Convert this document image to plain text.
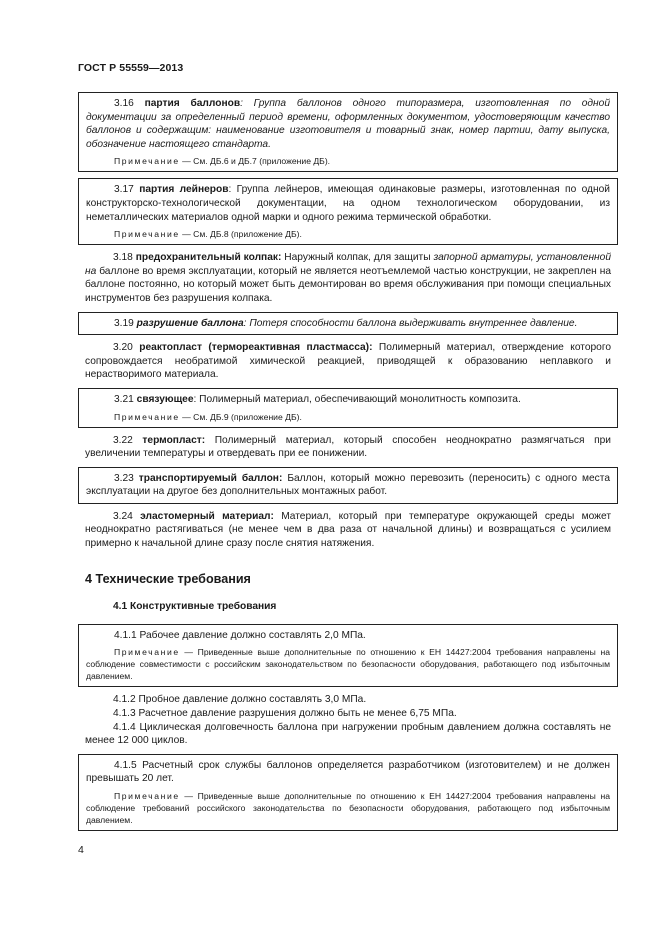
ГОСТ Р 55559—2013

3.16 партия баллонов: Группа баллонов одного типоразмера, изготовленная по одной документации за определенный период времени, оформленных документом, удостоверяющим качество баллонов и содержащим: наименование изготовителя и товарный знак, номер партии, дату выпуска, обозначение настоящего стандарта.

Примечание — См. ДБ.6 и ДБ.7 (приложение ДБ).

3.17 партия лейнеров: Группа лейнеров, имеющая одинаковые размеры, изготовленная по одной конструкторско-технологической документации, на одном технологическом оборудовании, из неметаллических материалов одной марки и одного режима термической обработки.

Примечание — См. ДБ.8 (приложение ДБ).

3.18 предохранительный колпак: Наружный колпак, для защиты запорной арматуры, установленной на баллоне во время эксплуатации, который не является неотъемлемой частью конструкции, не закреплен на баллоне постоянно, но который может быть демонтирован во время обслуживания при помощи специальных инструментов без разрушения колпака.

3.19 разрушение баллона: Потеря способности баллона выдерживать внутреннее давление.

3.20 реактопласт (термореактивная пластмасса): Полимерный материал, отверждение которого сопровождается необратимой химической реакцией, приводящей к образованию неплавкого и нерастворимого материала.

3.21 связующее: Полимерный материал, обеспечивающий монолитность композита.

Примечание — См. ДБ.9 (приложение ДБ).

3.22 термопласт: Полимерный материал, который способен неоднократно размягчаться при увеличении температуры и отвердевать при ее понижении.

3.23 транспортируемый баллон: Баллон, который можно перевозить (переносить) с одного места эксплуатации на другое без дополнительных монтажных работ.

3.24 эластомерный материал: Материал, который при температуре окружающей среды может неоднократно растягиваться (не менее чем в два раза от начальной длины) и возвращаться с усилием примерно к начальной длине сразу после снятия натяжения.

4 Технические требования
4.1 Конструктивные требования

4.1.1 Рабочее давление должно составлять 2,0 МПа.

Примечание — Приведенные выше дополнительные по отношению к ЕН 14427:2004 требования направлены на соблюдение совместимости с российским законодательством по безопасности оборудования, работающего под избыточным давлением.

4.1.2 Пробное давление должно составлять 3,0 МПа.

4.1.3 Расчетное давление разрушения должно быть не менее 6,75 МПа.

4.1.4 Циклическая долговечность баллона при нагружении пробным давлением должна составлять не менее 12 000 циклов.

4.1.5 Расчетный срок службы баллонов определяется разработчиком (изготовителем) и не должен превышать 20 лет.

Примечание — Приведенные выше дополнительные по отношению к ЕН 14427:2004 требования направлены на соблюдение требований российского законодательства по безопасности оборудования, работающего под избыточным давлением.

4
